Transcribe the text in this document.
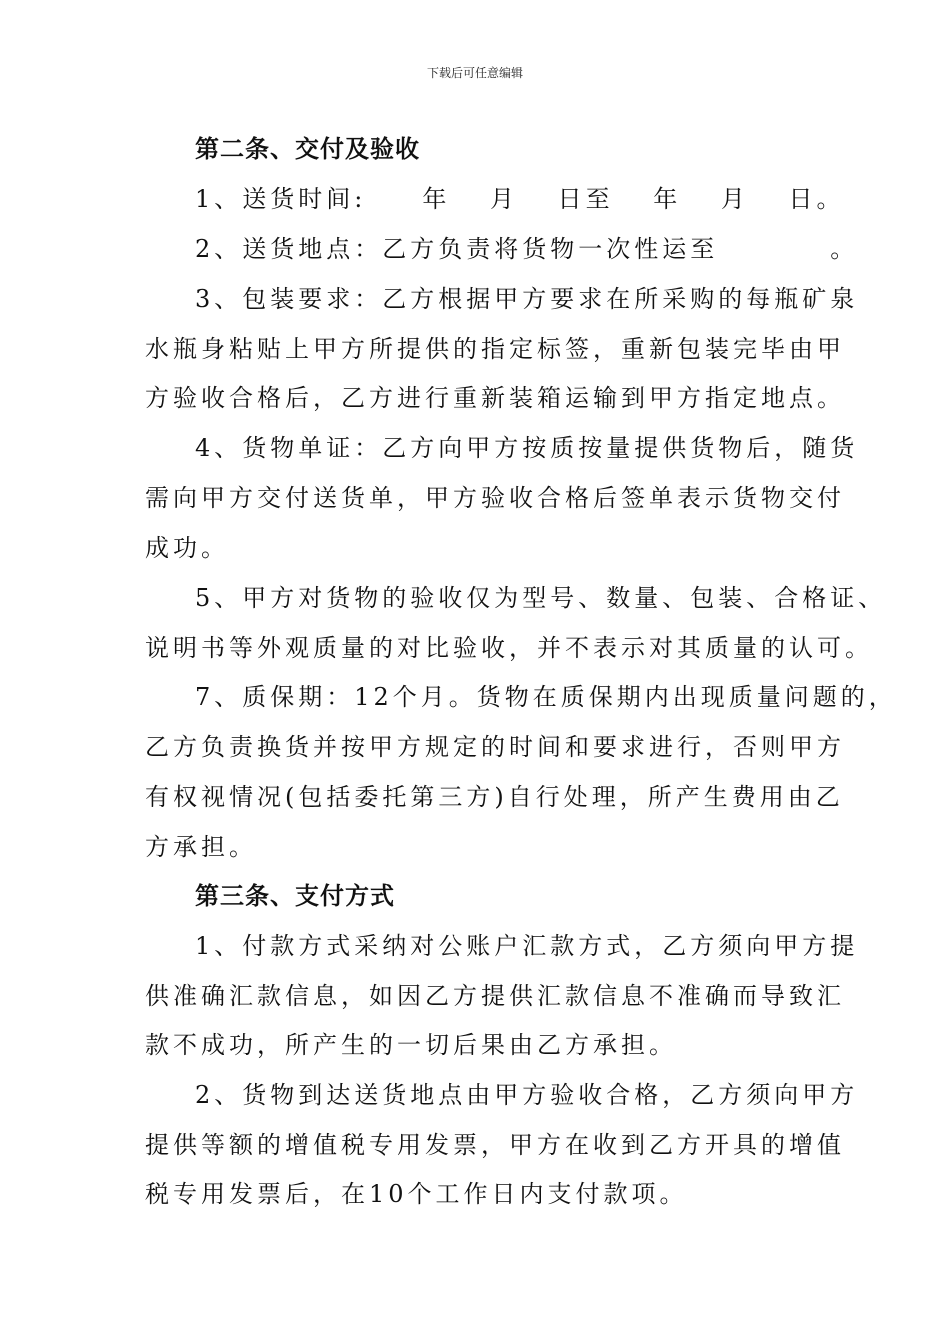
下载后可任意编辑
第二条、交付及验收
1、送货时间:　　年　 月　 日至　 年　 月　 日。
2、送货地点：乙方负责将货物一次性运至　　　　。
3、包装要求：乙方根据甲方要求在所采购的每瓶矿泉
水瓶身粘贴上甲方所提供的指定标签，重新包装完毕由甲
方验收合格后，乙方进行重新装箱运输到甲方指定地点。
4、货物单证：乙方向甲方按质按量提供货物后，随货
需向甲方交付送货单，甲方验收合格后签单表示货物交付
成功。
5、甲方对货物的验收仅为型号、数量、包装、合格证、
说明书等外观质量的对比验收，并不表示对其质量的认可。
7、质保期：12个月。货物在质保期内出现质量问题的，
乙方负责换货并按甲方规定的时间和要求进行，否则甲方
有权视情况(包括委托第三方)自行处理，所产生费用由乙
方承担。
第三条、支付方式
1、付款方式采纳对公账户汇款方式，乙方须向甲方提
供准确汇款信息，如因乙方提供汇款信息不准确而导致汇
款不成功，所产生的一切后果由乙方承担。
2、货物到达送货地点由甲方验收合格，乙方须向甲方
提供等额的增值税专用发票，甲方在收到乙方开具的增值
税专用发票后，在10个工作日内支付款项。
